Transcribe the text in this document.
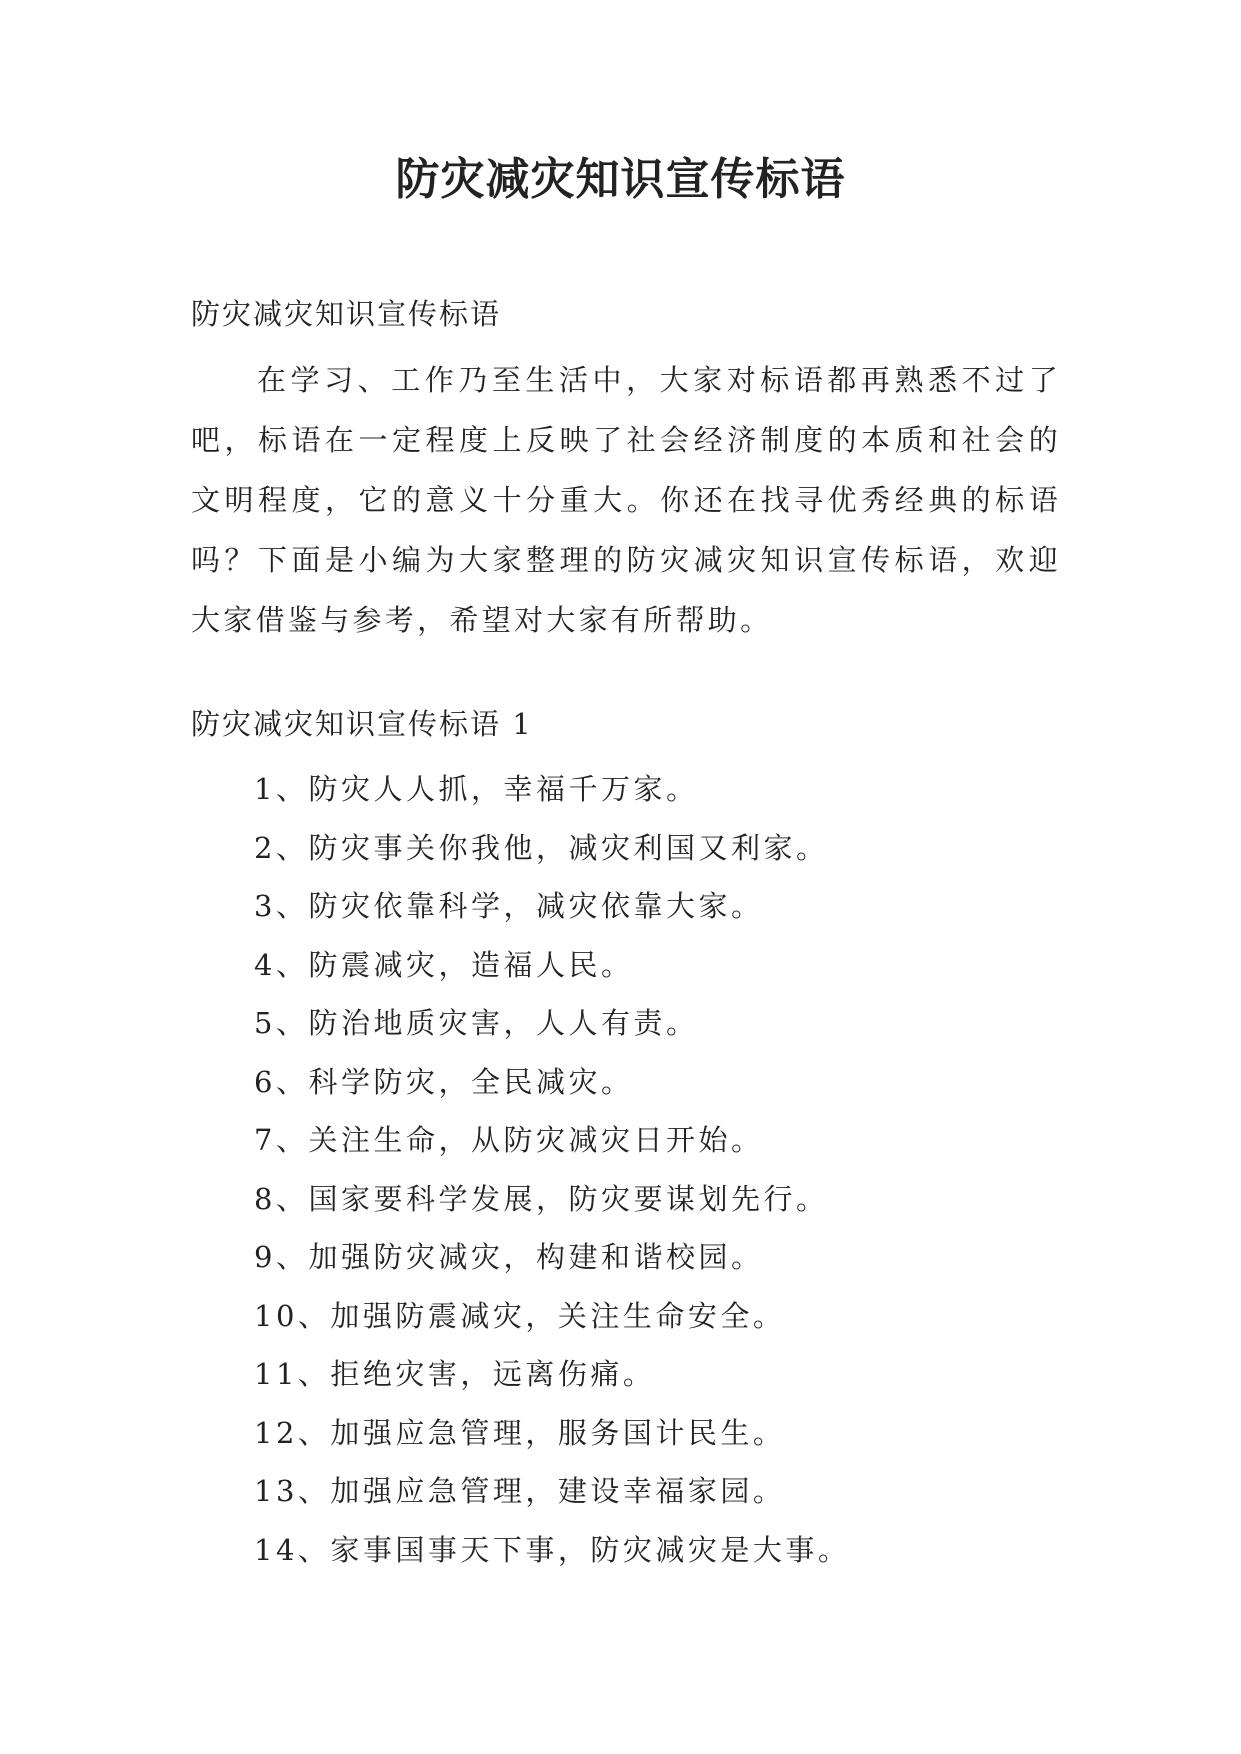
防灾减灾知识宣传标语
防灾减灾知识宣传标语

在学习、工作乃至生活中，大家对标语都再熟悉不过了吧，标语在一定程度上反映了社会经济制度的本质和社会的文明程度，它的意义十分重大。你还在找寻优秀经典的标语吗？下面是小编为大家整理的防灾减灾知识宣传标语，欢迎大家借鉴与参考，希望对大家有所帮助。

防灾减灾知识宣传标语 1
1、防灾人人抓，幸福千万家。
2、防灾事关你我他，减灾利国又利家。
3、防灾依靠科学，减灾依靠大家。
4、防震减灾，造福人民。
5、防治地质灾害，人人有责。
6、科学防灾，全民减灾。
7、关注生命，从防灾减灾日开始。
8、国家要科学发展，防灾要谋划先行。
9、加强防灾减灾，构建和谐校园。
10、加强防震减灾，关注生命安全。
11、拒绝灾害，远离伤痛。
12、加强应急管理，服务国计民生。
13、加强应急管理，建设幸福家园。
14、家事国事天下事，防灾减灾是大事。
